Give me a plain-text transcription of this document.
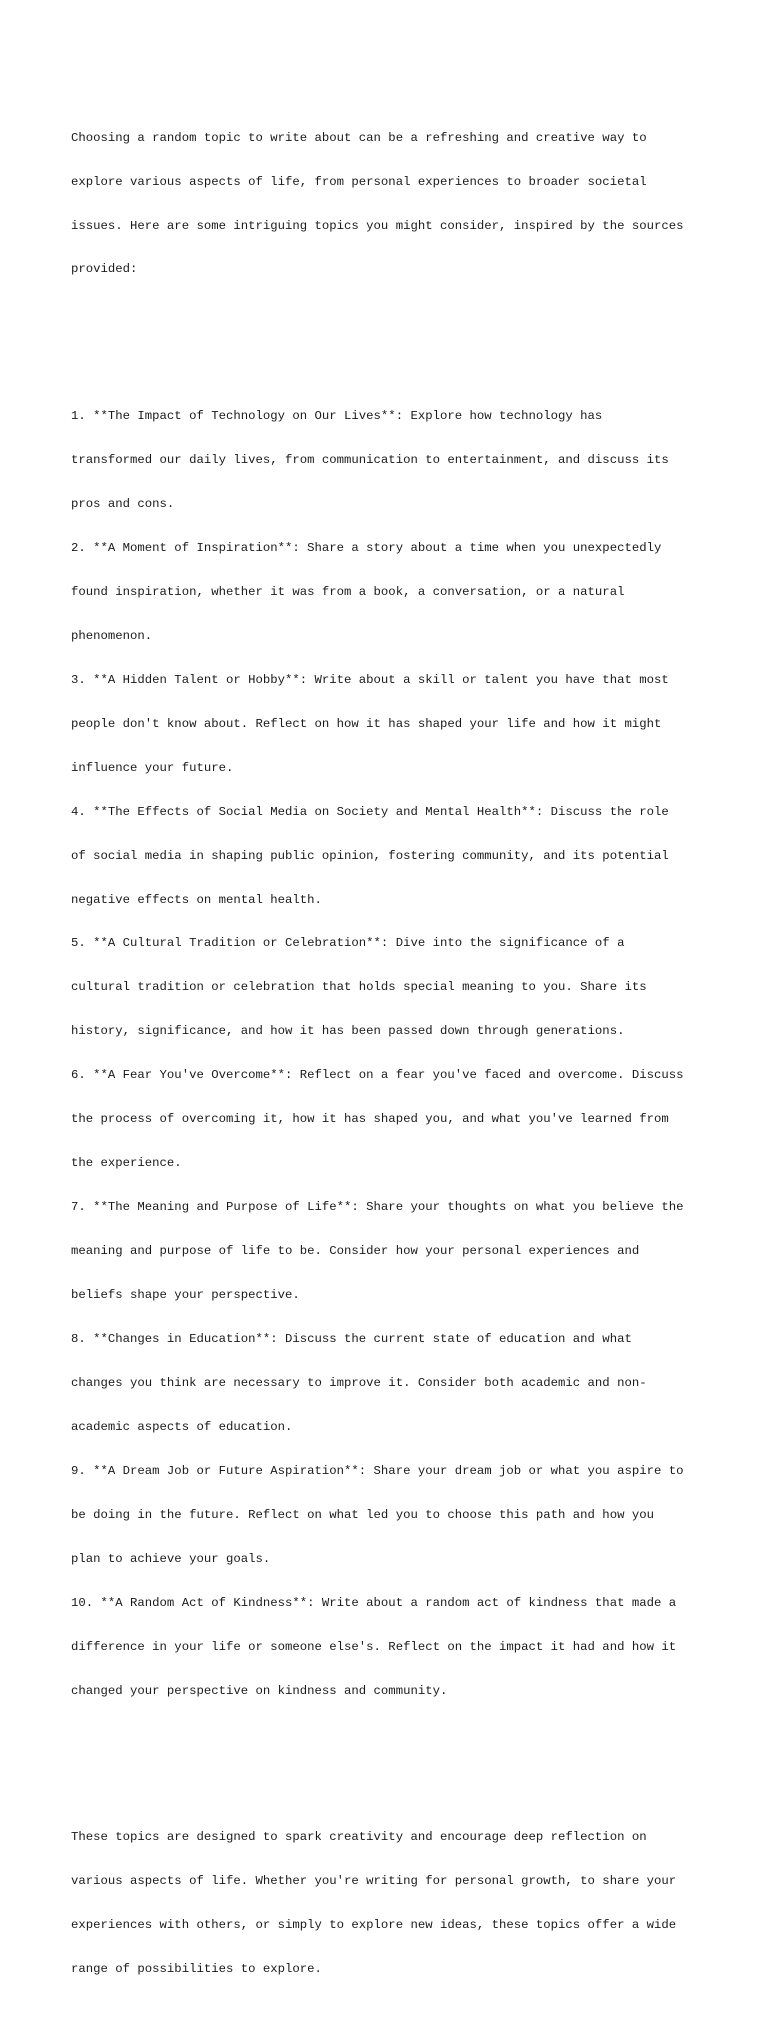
Choosing a random topic to write about can be a refreshing and creative way to

explore various aspects of life, from personal experiences to broader societal

issues. Here are some intriguing topics you might consider, inspired by the sources

provided:

1. **The Impact of Technology on Our Lives**: Explore how technology has

transformed our daily lives, from communication to entertainment, and discuss its

pros and cons.

2. **A Moment of Inspiration**: Share a story about a time when you unexpectedly

found inspiration, whether it was from a book, a conversation, or a natural

phenomenon.

3. **A Hidden Talent or Hobby**: Write about a skill or talent you have that most

people don't know about. Reflect on how it has shaped your life and how it might

influence your future.

4. **The Effects of Social Media on Society and Mental Health**: Discuss the role

of social media in shaping public opinion, fostering community, and its potential

negative effects on mental health.

5. **A Cultural Tradition or Celebration**: Dive into the significance of a

cultural tradition or celebration that holds special meaning to you. Share its

history, significance, and how it has been passed down through generations.

6. **A Fear You've Overcome**: Reflect on a fear you've faced and overcome. Discuss

the process of overcoming it, how it has shaped you, and what you've learned from

the experience.

7. **The Meaning and Purpose of Life**: Share your thoughts on what you believe the

meaning and purpose of life to be. Consider how your personal experiences and

beliefs shape your perspective.

8. **Changes in Education**: Discuss the current state of education and what

changes you think are necessary to improve it. Consider both academic and non-

academic aspects of education.

9. **A Dream Job or Future Aspiration**: Share your dream job or what you aspire to

be doing in the future. Reflect on what led you to choose this path and how you

plan to achieve your goals.

10. **A Random Act of Kindness**: Write about a random act of kindness that made a

difference in your life or someone else's. Reflect on the impact it had and how it

changed your perspective on kindness and community.

These topics are designed to spark creativity and encourage deep reflection on

various aspects of life. Whether you're writing for personal growth, to share your

experiences with others, or simply to explore new ideas, these topics offer a wide

range of possibilities to explore.
